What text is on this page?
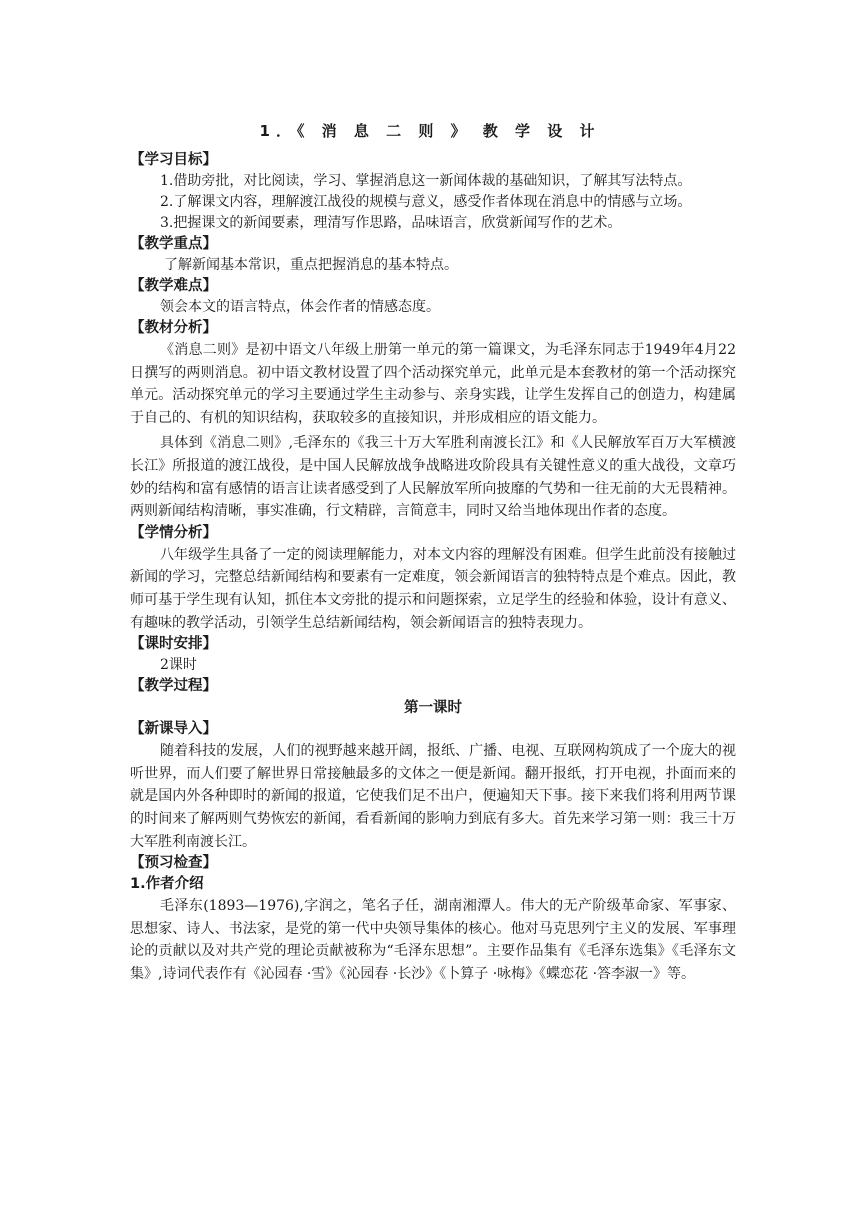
1．《 消 息 二 则 》 教 学 设 计

【学习目标】

1.借助旁批，对比阅读，学习、掌握消息这一新闻体裁的基础知识，了解其写法特点。

2.了解课文内容，理解渡江战役的规模与意义，感受作者体现在消息中的情感与立场。

3.把握课文的新闻要素，理清写作思路，品味语言，欣赏新闻写作的艺术。

【教学重点】

了解新闻基本常识，重点把握消息的基本特点。

【教学难点】

领会本文的语言特点，体会作者的情感态度。

【教材分析】

《消息二则》是初中语文八年级上册第一单元的第一篇课文，为毛泽东同志于1949年4月22日撰写的两则消息。初中语文教材设置了四个活动探究单元，此单元是本套教材的第一个活动探究单元。活动探究单元的学习主要通过学生主动参与、亲身实践，让学生发挥自己的创造力，构建属于自己的、有机的知识结构，获取较多的直接知识，并形成相应的语文能力。

具体到《消息二则》,毛泽东的《我三十万大军胜利南渡长江》和《人民解放军百万大军横渡长江》所报道的渡江战役，是中国人民解放战争战略进攻阶段具有关键性意义的重大战役，文章巧妙的结构和富有感情的语言让读者感受到了人民解放军所向披靡的气势和一往无前的大无畏精神。两则新闻结构清晰，事实准确，行文精辟，言简意丰，同时又给当地体现出作者的态度。

【学情分析】

八年级学生具备了一定的阅读理解能力，对本文内容的理解没有困难。但学生此前没有接触过新闻的学习，完整总结新闻结构和要素有一定难度，领会新闻语言的独特特点是个难点。因此，教师可基于学生现有认知，抓住本文旁批的提示和问题探索，立足学生的经验和体验，设计有意义、有趣味的教学活动，引领学生总结新闻结构，领会新闻语言的独特表现力。

【课时安排】

2课时

【教学过程】

第一课时

【新课导入】

随着科技的发展，人们的视野越来越开阔，报纸、广播、电视、互联网构筑成了一个庞大的视听世界，而人们要了解世界日常接触最多的文体之一便是新闻。翻开报纸，打开电视，扑面而来的就是国内外各种即时的新闻的报道，它使我们足不出户，便遍知天下事。接下来我们将利用两节课的时间来了解两则气势恢宏的新闻，看看新闻的影响力到底有多大。首先来学习第一则：我三十万大军胜利南渡长江。

【预习检查】

1.作者介绍

毛泽东(1893—1976),字润之，笔名子任，湖南湘潭人。伟大的无产阶级革命家、军事家、思想家、诗人、书法家，是党的第一代中央领导集体的核心。他对马克思列宁主义的发展、军事理论的贡献以及对共产党的理论贡献被称为“毛泽东思想”。主要作品集有《毛泽东选集》《毛泽东文集》,诗词代表作有《沁园春 ·雪》《沁园春 ·长沙》《卜算子 ·咏梅》《蝶恋花 ·答李淑一》等。
